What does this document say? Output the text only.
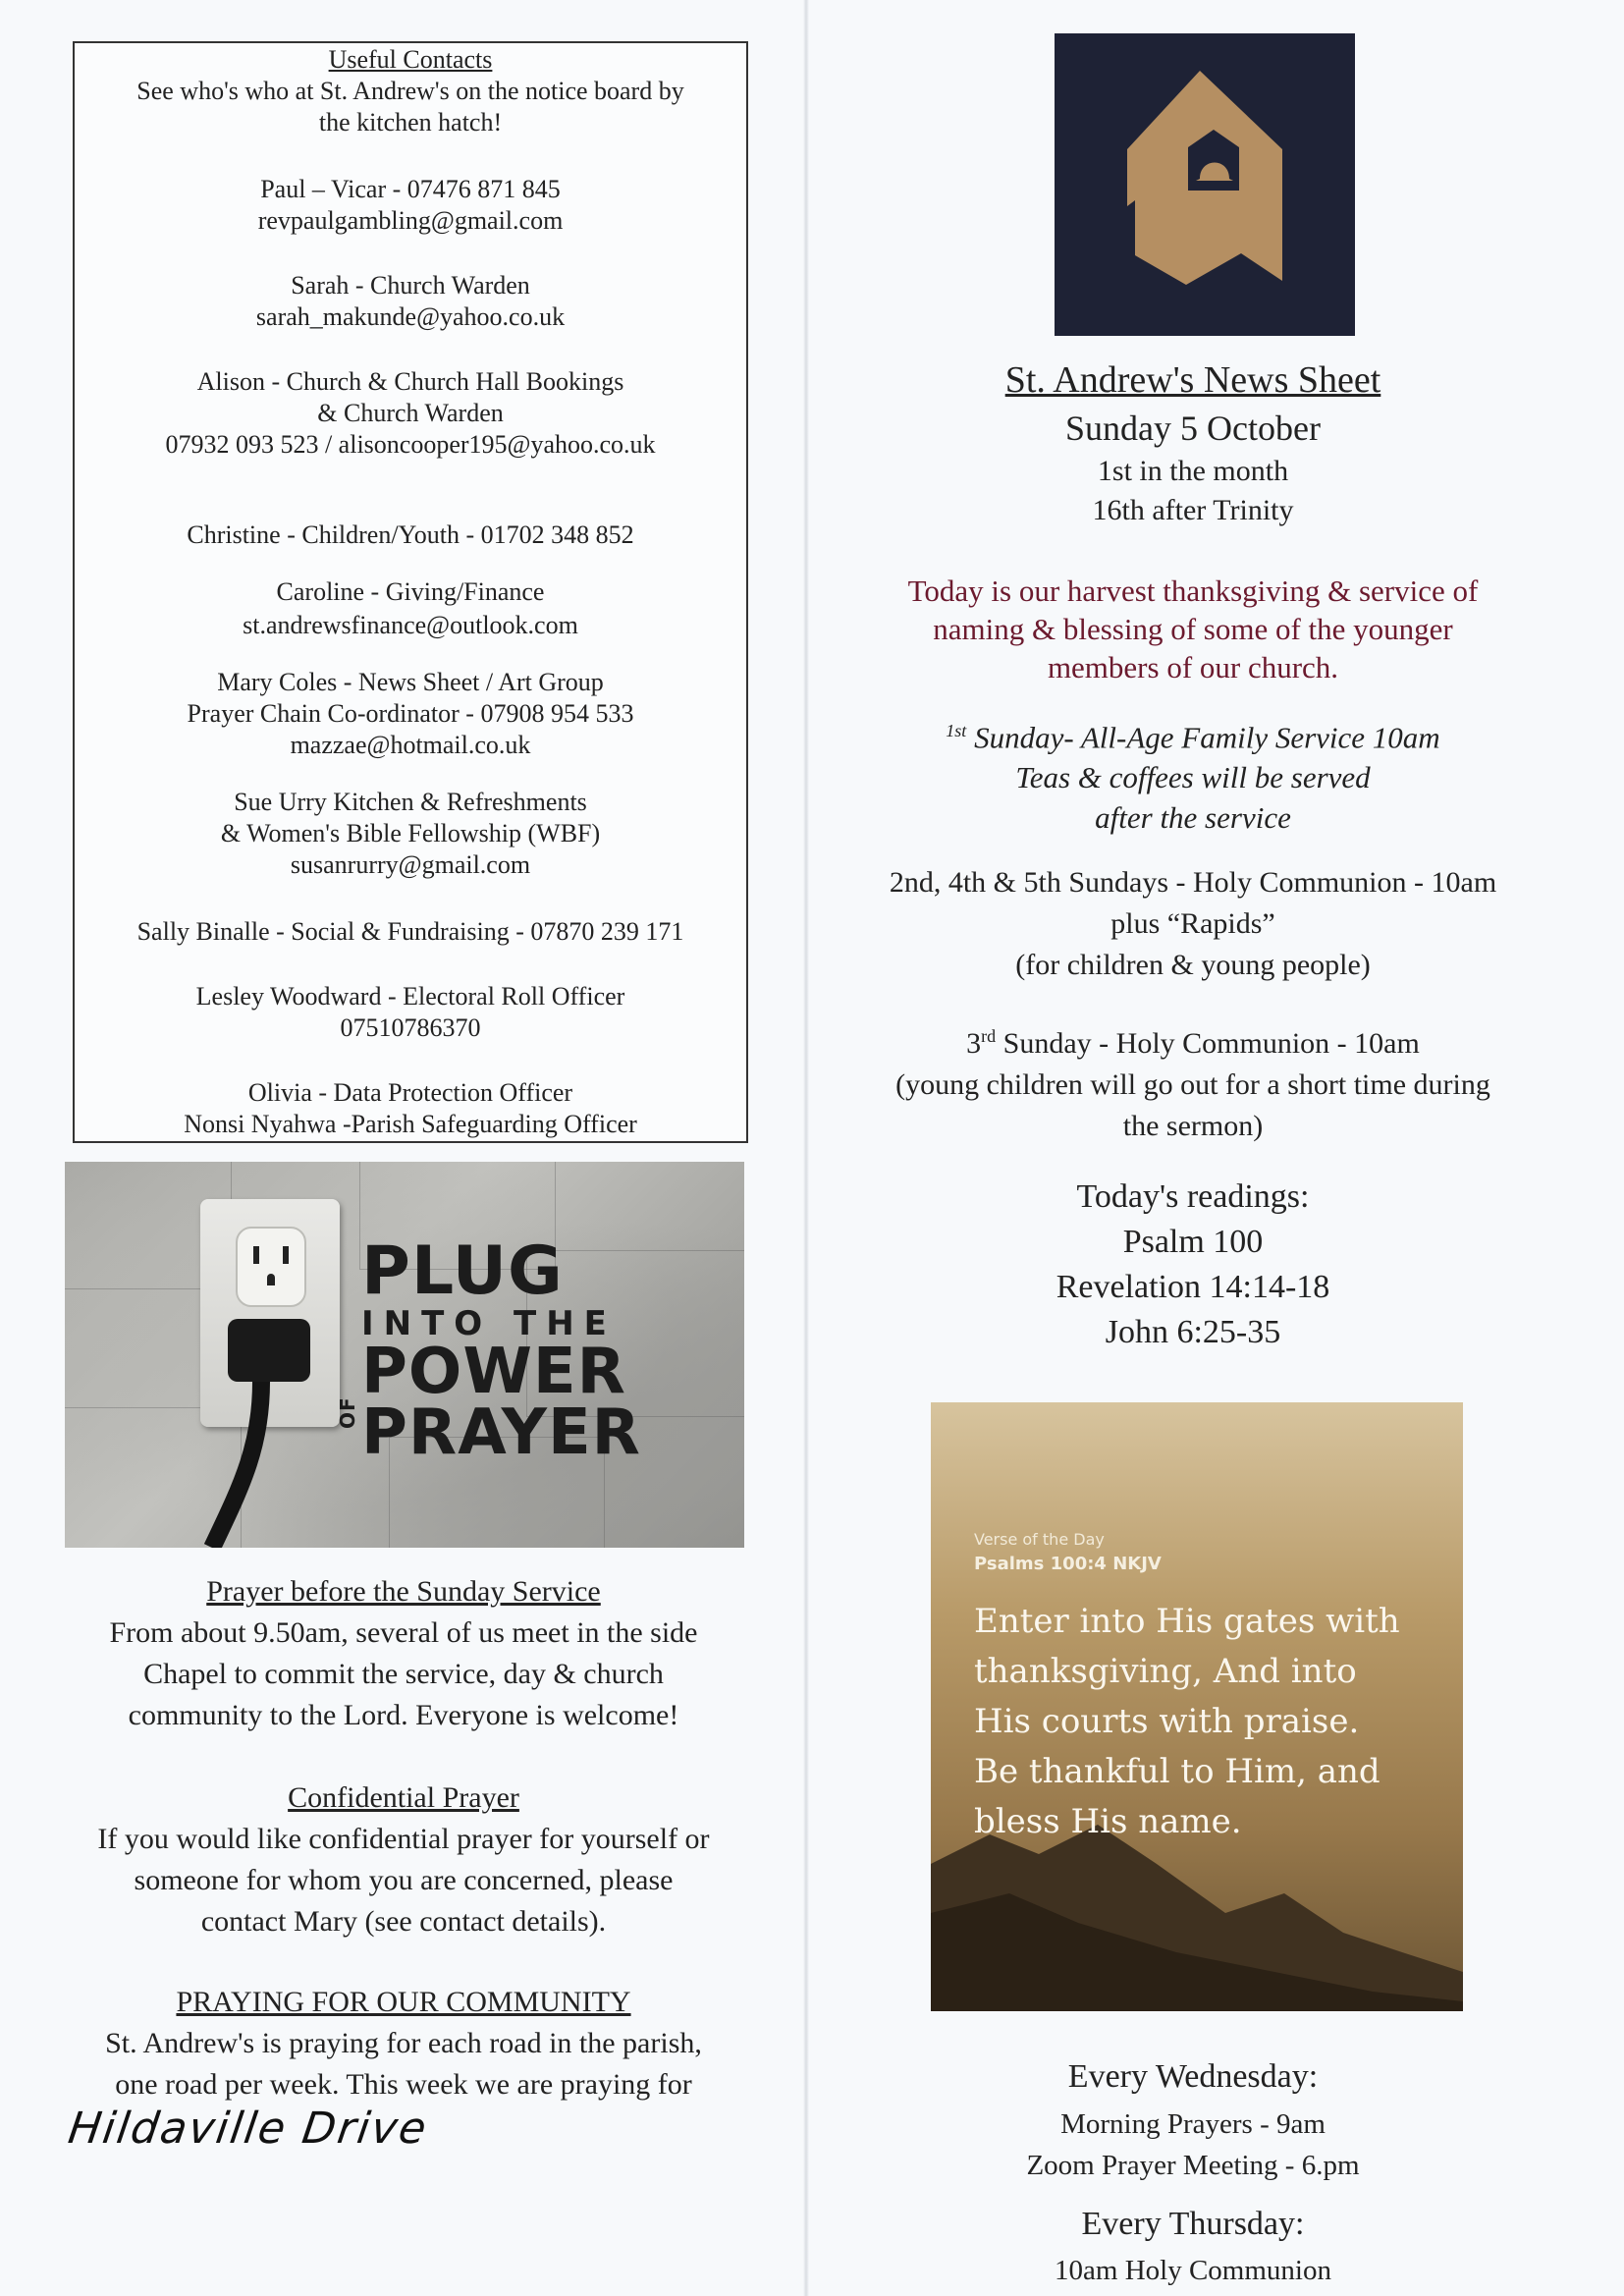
Useful Contacts
See who's who at St. Andrew's on the notice board by
the kitchen hatch!
Paul – Vicar - 07476 871 845
revpaulgambling@gmail.com
Sarah - Church Warden
sarah_makunde@yahoo.co.uk
Alison - Church & Church Hall Bookings
& Church Warden
07932 093 523 / alisoncooper195@yahoo.co.uk
Christine - Children/Youth - 01702 348 852
Caroline - Giving/Finance
st.andrewsfinance@outlook.com
Mary Coles - News Sheet / Art Group
Prayer Chain Co-ordinator - 07908 954 533
mazzae@hotmail.co.uk
Sue Urry Kitchen & Refreshments
& Women's Bible Fellowship (WBF)
susanrurry@gmail.com
Sally Binalle - Social & Fundraising - 07870 239 171
Lesley Woodward - Electoral Roll Officer
07510786370
Olivia - Data Protection Officer
Nonsi Nyahwa -Parish Safeguarding Officer
PLUG
INTO THE
POWER
OF PRAYER
Prayer before the Sunday Service
From about 9.50am, several of us meet in the side
Chapel to commit the service, day & church
community to the Lord. Everyone is welcome!
Confidential Prayer
If you would like confidential prayer for yourself or
someone for whom you are concerned, please
contact Mary (see contact details).
PRAYING FOR OUR COMMUNITY
St. Andrew's is praying for each road in the parish,
one road per week. This week we are praying for
Hildaville Drive
St. Andrew's News Sheet
Sunday 5 October
1st in the month
16th after Trinity
Today is our harvest thanksgiving & service of
naming & blessing of some of the younger
members of our church.
$^{1st}$ Sunday- All-Age Family Service 10am
Teas & coffees will be served
after the service
2nd, 4th & 5th Sundays - Holy Communion - 10am
plus “Rapids”
(for children & young people)
3rd Sunday - Holy Communion - 10am
(young children will go out for a short time during
the sermon)
Today's readings:
Psalm 100
Revelation 14:14-18
John 6:25-35
Verse of the Day
Psalms 100:4 NKJV
Enter into His gates with
thanksgiving, And into
His courts with praise.
Be thankful to Him, and
bless His name.
Every Wednesday:
Morning Prayers - 9am
Zoom Prayer Meeting - 6.pm
Every Thursday:
10am Holy Communion
